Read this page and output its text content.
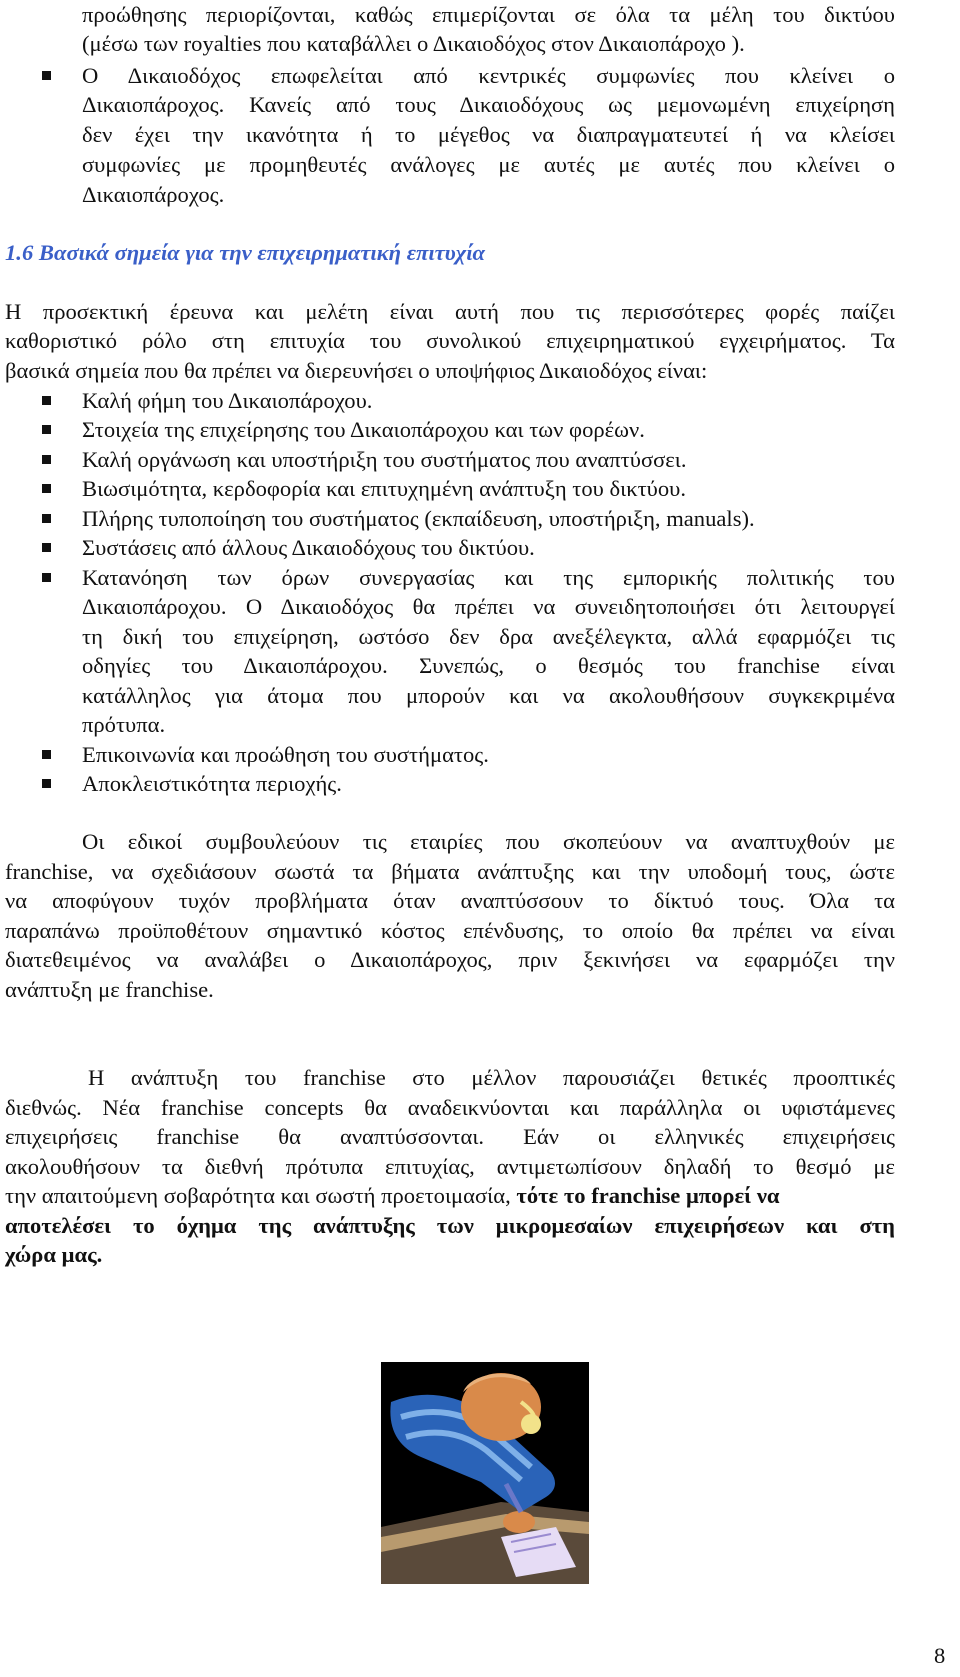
προώθησης περιορίζονται, καθώς επιμερίζονται σε όλα τα μέλη του δικτύου
(μέσω των royalties που καταβάλλει ο Δικαιοδόχος στον Δικαιοπάροχο ).
Ο Δικαιοδόχος επωφελείται από κεντρικές συμφωνίες που κλείνει ο
Δικαιοπάροχος. Κανείς από τους Δικαιοδόχους ως μεμονωμένη επιχείρηση
δεν έχει την ικανότητα ή το μέγεθος να διαπραγματευτεί ή να κλείσει
συμφωνίες με προμηθευτές ανάλογες με αυτές με αυτές που κλείνει ο
Δικαιοπάροχος.
1.6 Βασικά σημεία για την επιχειρηματική επιτυχία
Η προσεκτική έρευνα και μελέτη είναι αυτή που τις περισσότερες φορές παίζει
καθοριστικό ρόλο στη επιτυχία του συνολικού επιχειρηματικού εγχειρήματος. Τα
βασικά σημεία που θα πρέπει να διερευνήσει ο υποψήφιος Δικαιοδόχος είναι:
Καλή φήμη του Δικαιοπάροχου.
Στοιχεία της επιχείρησης του Δικαιοπάροχου και των φορέων.
Καλή οργάνωση και υποστήριξη του συστήματος που αναπτύσσει.
Βιωσιμότητα, κερδοφορία και επιτυχημένη ανάπτυξη του δικτύου.
Πλήρης τυποποίηση του συστήματος (εκπαίδευση, υποστήριξη, manuals).
Συστάσεις από άλλους Δικαιοδόχους του δικτύου.
Κατανόηση των όρων συνεργασίας και της εμπορικής πολιτικής του
Δικαιοπάροχου. Ο Δικαιοδόχος θα πρέπει να συνειδητοποιήσει ότι λειτουργεί
τη δική του επιχείρηση, ωστόσο δεν δρα ανεξέλεγκτα, αλλά εφαρμόζει τις
οδηγίες του Δικαιοπάροχου. Συνεπώς, ο θεσμός του franchise είναι
κατάλληλος για άτομα που μπορούν και να ακολουθήσουν συγκεκριμένα
πρότυπα.
Επικοινωνία και προώθηση του συστήματος.
Αποκλειστικότητα περιοχής.
Οι εδικοί συμβουλεύουν τις εταιρίες που σκοπεύουν να αναπτυχθούν με
franchise, να σχεδιάσουν σωστά τα βήματα ανάπτυξης και την υποδομή τους, ώστε
να αποφύγουν τυχόν προβλήματα όταν αναπτύσσουν το δίκτυό τους. Όλα τα
παραπάνω προϋποθέτουν σημαντικό κόστος επένδυσης, το οποίο θα πρέπει να είναι
διατεθειμένος να αναλάβει ο Δικαιοπάροχος, πριν ξεκινήσει να εφαρμόζει την
ανάπτυξη με franchise.
Η ανάπτυξη του franchise στο μέλλον παρουσιάζει θετικές προοπτικές
διεθνώς. Νέα franchise concepts θα αναδεικνύονται και παράλληλα οι υφιστάμενες
επιχειρήσεις franchise θα αναπτύσσονται. Εάν οι ελληνικές επιχειρήσεις
ακολουθήσουν τα διεθνή πρότυπα επιτυχίας, αντιμετωπίσουν δηλαδή το θεσμό με
την απαιτούμενη σοβαρότητα και σωστή προετοιμασία, τότε το franchise μπορεί να
αποτελέσει το όχημα της ανάπτυξης των μικρομεσαίων επιχειρήσεων και στη
χώρα μας.
8
